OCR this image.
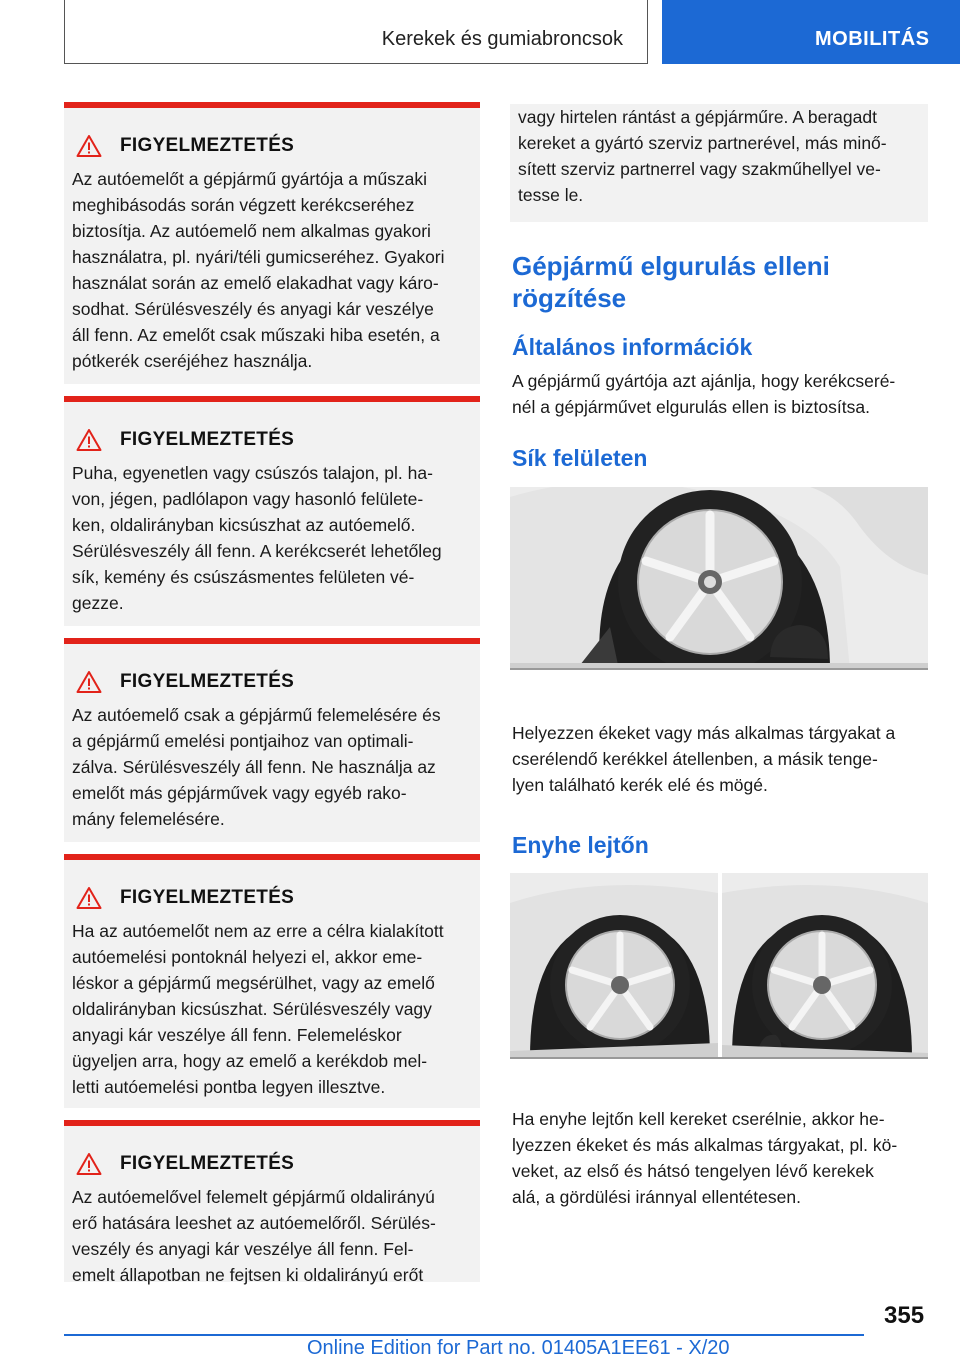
Kerekek és gumiabroncsok	MOBILITÁS
FIGYELMEZTETÉS
Az autóemelőt a gépjármű gyártója a műszaki
meghibásodás során végzett kerékcseréhez
biztosítja. Az autóemelő nem alkalmas gyakori
használatra, pl. nyári/téli gumicseréhez. Gyakori
használat során az emelő elakadhat vagy káro-
sodhat. Sérülésveszély és anyagi kár veszélye
áll fenn. Az emelőt csak műszaki hiba esetén, a
pótkerék cseréjéhez használja.
FIGYELMEZTETÉS
Puha, egyenetlen vagy csúszós talajon, pl. ha-
von, jégen, padlólapon vagy hasonló felülete-
ken, oldalirányban kicsúszhat az autóemelő.
Sérülésveszély áll fenn. A kerékcserét lehetőleg
sík, kemény és csúszásmentes felületen vé-
gezze.
FIGYELMEZTETÉS
Az autóemelő csak a gépjármű felemelésére és
a gépjármű emelési pontjaihoz van optimali-
zálva. Sérülésveszély áll fenn. Ne használja az
emelőt más gépjárművek vagy egyéb rako-
mány felemelésére.
FIGYELMEZTETÉS
Ha az autóemelőt nem az erre a célra kialakított
autóemelési pontoknál helyezi el, akkor eme-
léskor a gépjármű megsérülhet, vagy az emelő
oldalirányban kicsúszhat. Sérülésveszély vagy
anyagi kár veszélye áll fenn. Felemeléskor
ügyeljen arra, hogy az emelő a kerékdob mel-
letti autóemelési pontba legyen illesztve.
FIGYELMEZTETÉS
Az autóemelővel felemelt gépjármű oldalirányú
erő hatására leeshet az autóemelőről. Sérülés-
veszély és anyagi kár veszélye áll fenn. Fel-
emelt állapotban ne fejtsen ki oldalirányú erőt
vagy hirtelen rántást a gépjárműre. A beragadt
kereket a gyártó szerviz partnerével, más minő-
sített szerviz partnerrel vagy szakműhellyel ve-
tesse le.
Gépjármű elgurulás elleni
rögzítése
Általános információk
A gépjármű gyártója azt ajánlja, hogy kerékcseré-
nél a gépjárművet elgurulás ellen is biztosítsa.
Sík felületen
Helyezzen ékeket vagy más alkalmas tárgyakat a
cserélendő kerékkel átellenben, a másik tenge-
lyen található kerék elé és mögé.
Enyhe lejtőn
Ha enyhe lejtőn kell kereket cserélnie, akkor he-
lyezzen ékeket és más alkalmas tárgyakat, pl. kö-
veket, az első és hátsó tengelyen lévő kerekek
alá, a gördülési iránnyal ellentétesen.
355
Online Edition for Part no. 01405A1EE61 - X/20
